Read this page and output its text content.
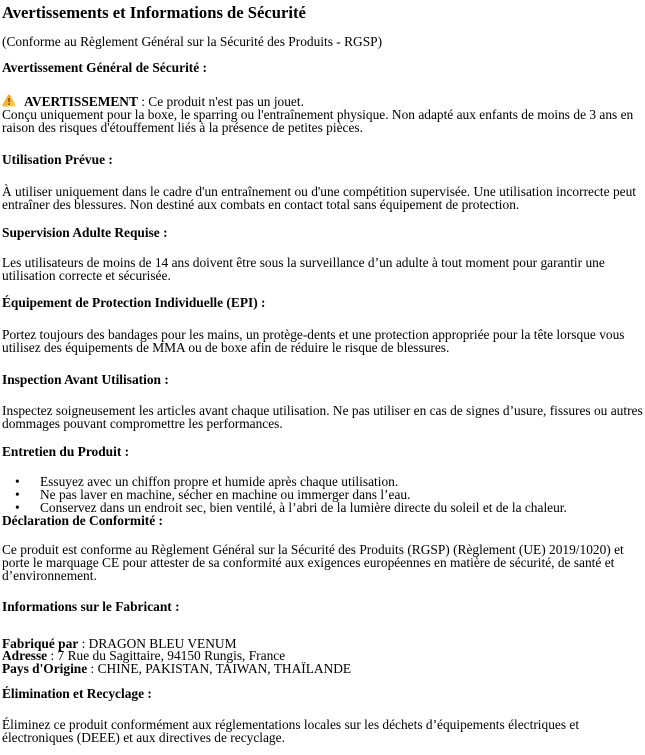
Avertissements et Informations de Sécurité

(Conforme au Règlement Général sur la Sécurité des Produits - RGSP)

Avertissement Général de Sécurité :

AVERTISSEMENT : Ce produit n'est pas un jouet.
Conçu uniquement pour la boxe, le sparring ou l'entraînement physique. Non adapté aux enfants de moins de 3 ans en raison des risques d'étouffement liés à la présence de petites pièces.

Utilisation Prévue :

À utiliser uniquement dans le cadre d'un entraînement ou d'une compétition supervisée. Une utilisation incorrecte peut entraîner des blessures. Non destiné aux combats en contact total sans équipement de protection.

Supervision Adulte Requise :

Les utilisateurs de moins de 14 ans doivent être sous la surveillance d’un adulte à tout moment pour garantir une utilisation correcte et sécurisée.

Équipement de Protection Individuelle (EPI) :

Portez toujours des bandages pour les mains, un protège-dents et une protection appropriée pour la tête lorsque vous utilisez des équipements de MMA ou de boxe afin de réduire le risque de blessures.

Inspection Avant Utilisation :

Inspectez soigneusement les articles avant chaque utilisation. Ne pas utiliser en cas de signes d’usure, fissures ou autres dommages pouvant compromettre les performances.

Entretien du Produit :

•	Essuyez avec un chiffon propre et humide après chaque utilisation.
•	Ne pas laver en machine, sécher en machine ou immerger dans l’eau.
•	Conservez dans un endroit sec, bien ventilé, à l’abri de la lumière directe du soleil et de la chaleur.

Déclaration de Conformité :

Ce produit est conforme au Règlement Général sur la Sécurité des Produits (RGSP) (Règlement (UE) 2019/1020) et porte le marquage CE pour attester de sa conformité aux exigences européennes en matière de sécurité, de santé et d’environnement.

Informations sur le Fabricant :

Fabriqué par : DRAGON BLEU VENUM
Adresse : 7 Rue du Sagittaire, 94150 Rungis, France
Pays d'Origine : CHINE, PAKISTAN, TAIWAN, THAÏLANDE

Élimination et Recyclage :

Éliminez ce produit conformément aux réglementations locales sur les déchets d’équipements électriques et électroniques (DEEE) et aux directives de recyclage.
